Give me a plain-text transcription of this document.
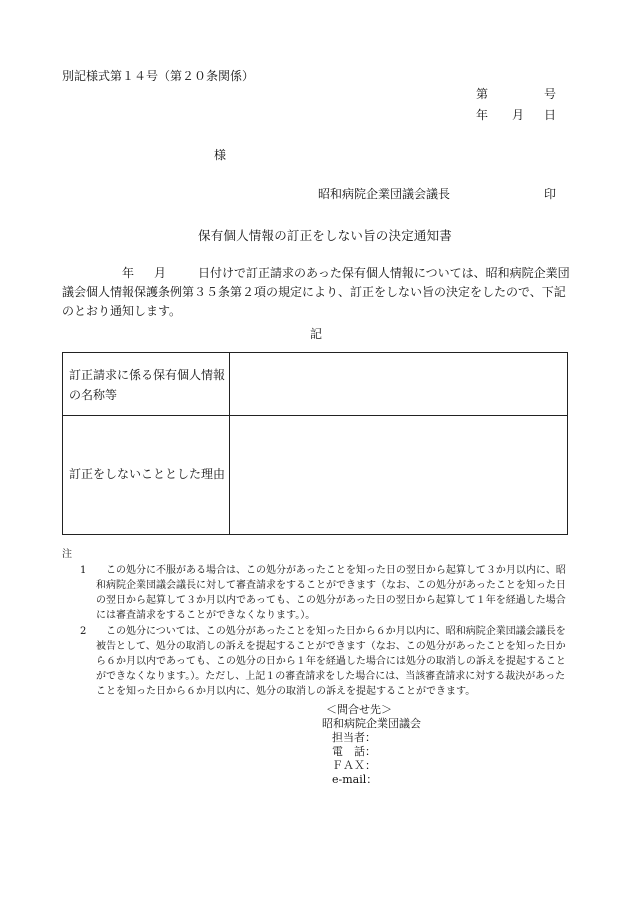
別記様式第１４号（第２０条関係）
第	号
年 月 日
様
昭和病院企業団議会議長	印
保有個人情報の訂正をしない旨の決定通知書
年 月	日付けで訂正請求のあった保有個人情報については、昭和病院企業団議会個人情報保護条例第３５条第２項の規定により、訂正をしない旨の決定をしたので、下記のとおり通知します。
記
訂正請求に係る保有個人情報の名称等
訂正をしないこととした理由
注
1 この処分に不服がある場合は、この処分があったことを知った日の翌日から起算して３か月以内に、昭和病院企業団議会議長に対して審査請求をすることができます（なお、この処分があったことを知った日の翌日から起算して３か月以内であっても、この処分があった日の翌日から起算して１年を経過した場合には審査請求をすることができなくなります。）。
2 この処分については、この処分があったことを知った日から６か月以内に、昭和病院企業団議会議長を被告として、処分の取消しの訴えを提起することができます（なお、この処分があったことを知った日から６か月以内であっても、この処分の日から１年を経過した場合には処分の取消しの訴えを提起することができなくなります。）。ただし、上記１の審査請求をした場合には、当該審査請求に対する裁決があったことを知った日から６か月以内に、処分の取消しの訴えを提起することができます。
＜問合せ先＞
昭和病院企業団議会
担当者：
電　話：
ＦＡＸ：
e-mail：
